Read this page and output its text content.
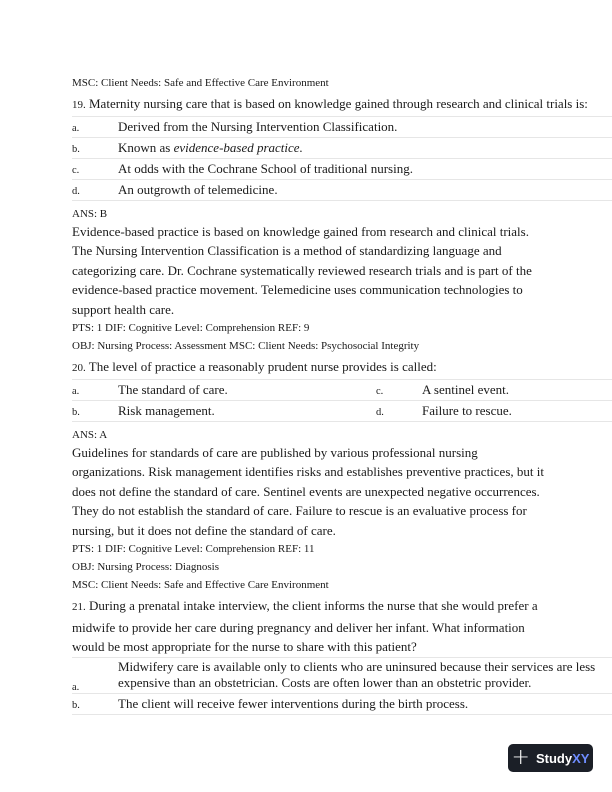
MSC: Client Needs: Safe and Effective Care Environment

19. Maternity nursing care that is based on knowledge gained through research and clinical trials is:

a.	Derived from the Nursing Intervention Classification.
b.	Known as evidence-based practice.
c.	At odds with the Cochrane School of traditional nursing.
d.	An outgrowth of telemedicine.

ANS: B

Evidence-based practice is based on knowledge gained from research and clinical trials. The Nursing Intervention Classification is a method of standardizing language and categorizing care. Dr. Cochrane systematically reviewed research trials and is part of the evidence-based practice movement. Telemedicine uses communication technologies to support health care.

PTS: 1 DIF: Cognitive Level: Comprehension REF: 9

OBJ: Nursing Process: Assessment MSC: Client Needs: Psychosocial Integrity

20. The level of practice a reasonably prudent nurse provides is called:

a.	The standard of care.	c.	A sentinel event.
b.	Risk management.	d.	Failure to rescue.

ANS: A

Guidelines for standards of care are published by various professional nursing organizations. Risk management identifies risks and establishes preventive practices, but it does not define the standard of care. Sentinel events are unexpected negative occurrences. They do not establish the standard of care. Failure to rescue is an evaluative process for nursing, but it does not define the standard of care.

PTS: 1 DIF: Cognitive Level: Comprehension REF: 11

OBJ: Nursing Process: Diagnosis

MSC: Client Needs: Safe and Effective Care Environment

21. During a prenatal intake interview, the client informs the nurse that she would prefer a midwife to provide her care during pregnancy and deliver her infant. What information would be most appropriate for the nurse to share with this patient?

a.
Midwifery care is available only to clients who are uninsured because their services are less
expensive than an obstetrician. Costs are often lower than an obstetric provider.
b.	The client will receive fewer interventions during the birth process.
+ StudyXY
